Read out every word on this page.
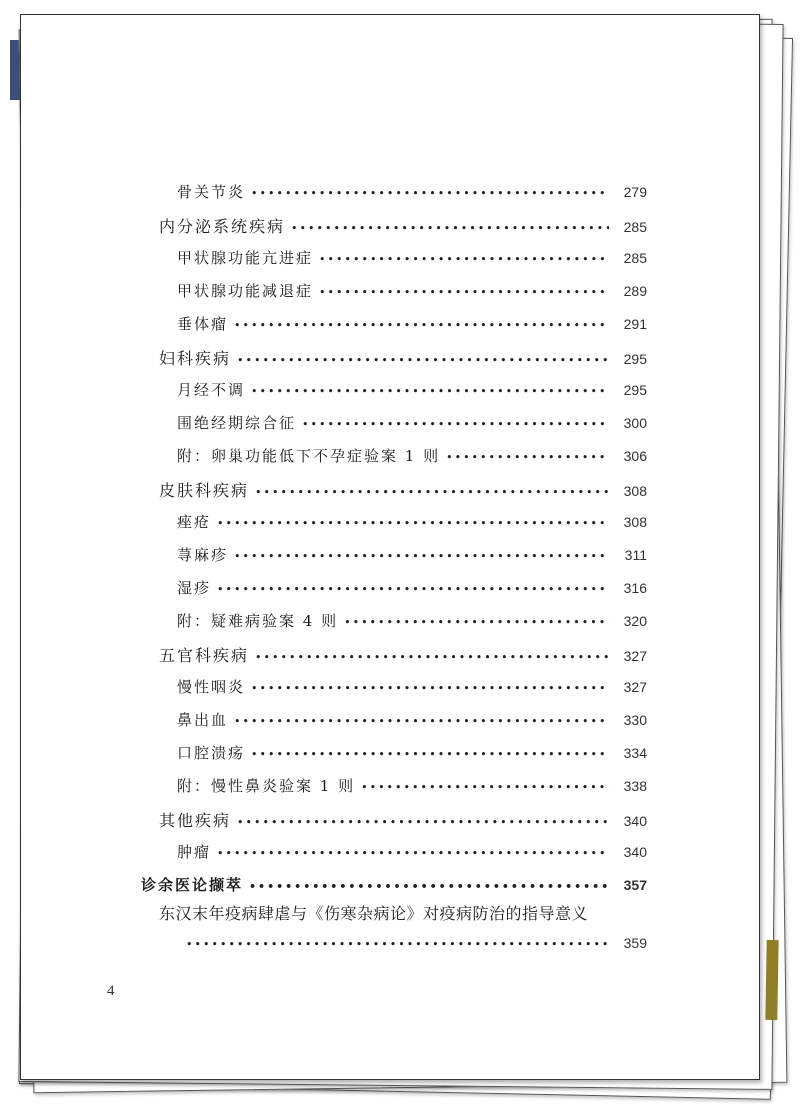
骨关节炎 •••••	279
内分泌系统疾病 •••••	285
甲状腺功能亢进症 •••••	285
甲状腺功能减退症 •••••	289
垂体瘤 •••••	291
妇科疾病 •••••	295
月经不调 •••••	295
围绝经期综合征 •••••	300
附：卵巢功能低下不孕症验案 1 则 •••••	306
皮肤科疾病 •••••	308
痤疮 •••••	308
荨麻疹 •••••	311
湿疹 •••••	316
附：疑难病验案 4 则 •••••	320
五官科疾病 •••••	327
慢性咽炎 •••••	327
鼻出血 •••••	330
口腔溃疡 •••••	334
附：慢性鼻炎验案 1 则 •••••	338
其他疾病 •••••	340
肿瘤 •••••	340
诊余医论撷萃 •••••	357
东汉末年疫病肆虐与《伤寒杂病论》对疫病防治的指导意义
•••••
359
4
